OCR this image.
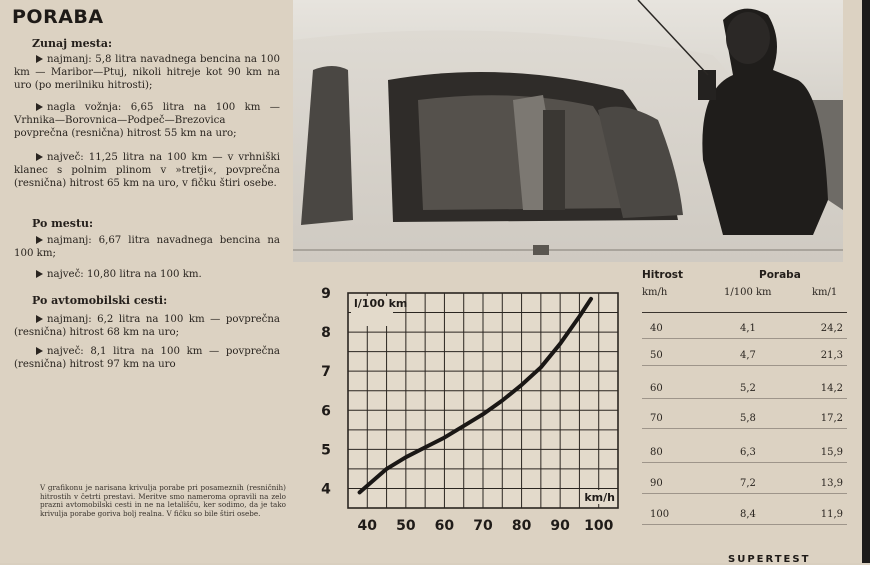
PORABA
Zunaj mesta:
najmanj: 5,8 litra navadnega bencina na 100 km — Maribor—Ptuj, nikoli hitreje kot 90 km na uro (po merilniku hitrosti);
nagla vožnja: 6,65 litra na 100 km — Vrhnika—Borovnica—Podpeč—Brezovica povprečna (resnična) hitrost 55 km na uro;
največ: 11,25 litra na 100 km — v vrhniški klanec s polnim plinom v »tretji«, povprečna (resnična) hitrost 65 km na uro, v fičku štiri osebe.
Po mestu:
najmanj: 6,67 litra navadnega bencina na 100 km;
največ: 10,80 litra na 100 km.
Po avtomobilski cesti:
najmanj: 6,2 litra na 100 km — povprečna (resnična) hitrost 68 km na uro;
največ: 8,1 litra na 100 km — povprečna (resnična) hitrost 97 km na uro
V grafikonu je narisana krivulja porabe pri posameznih (resničnih) hitrostih v četrti prestavi. Meritve smo nameroma opravili na zelo prazni avtomobilski cesti in ne na letališču, ker sodimo, da je tako krivulja porabe goriva bolj realna. V fičku so bile štiri osebe.
40 50 60 70 80 90 100
4
5
6
7
8
9
l/100 km
km/h
Hitrost	Poraba
km/h	1/100 km	km/1
40	4,1	24,2
50	4,7	21,3
60	5,2	14,2
70	5,8	17,2
80	6,3	15,9
90	7,2	13,9
100	8,4	11,9
SUPERTEST
